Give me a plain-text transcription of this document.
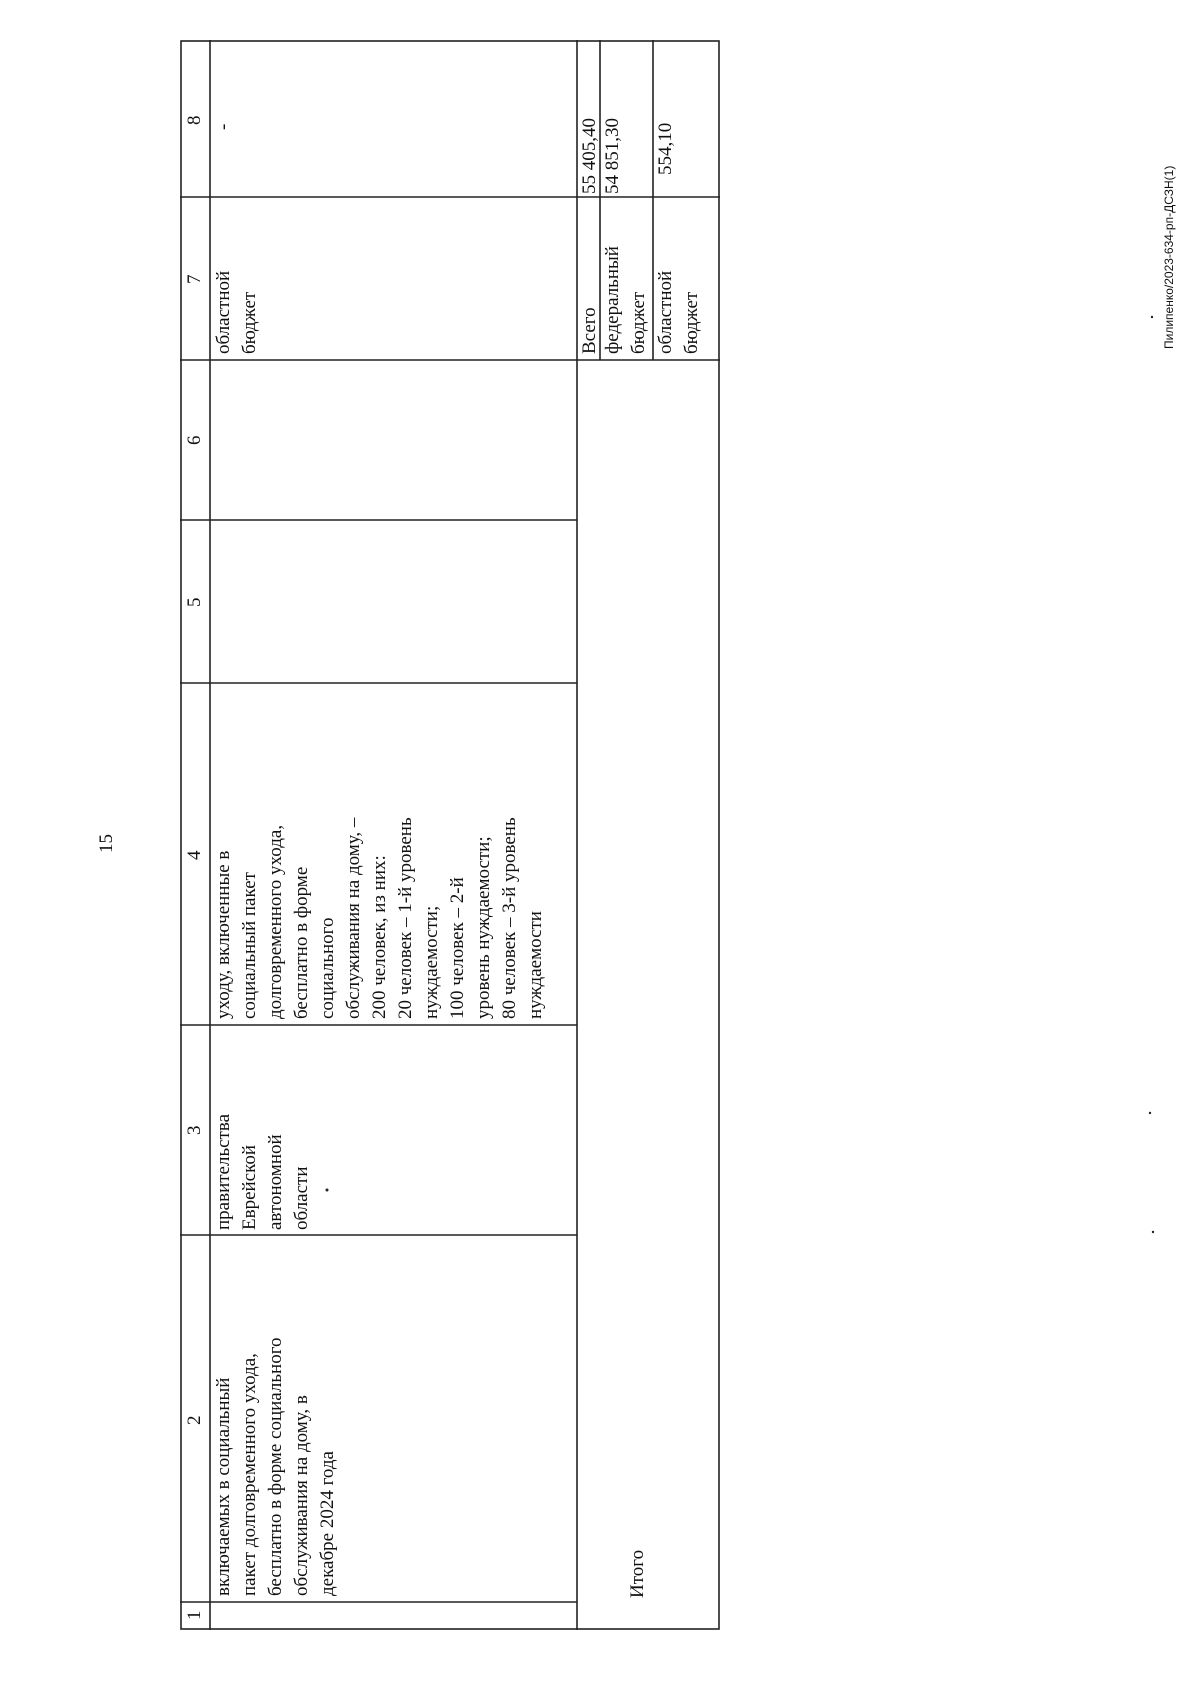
15
1
2
3
4
5
6
7
8
включаемых в социальный пакет долговременного ухода, бесплатно в форме социального обслуживания на дому, в декабре 2024 года
правительства Еврейской автономной области
уходу, включенные в социальный пакет долговременного ухода, бесплатно в форме социального обслуживания на дому, – 200 человек, из них: 20 человек – 1-й уровень нуждаемости; 100 человек – 2-й уровень нуждаемости; 80 человек – 3-й уровень нуждаемости
областной бюджет
-
Итого
Всего
55 405,40
федеральный бюджет
54 851,30
областной бюджет
554,10
Пилипенко/2023-634-рп-ДСЗН(1)
